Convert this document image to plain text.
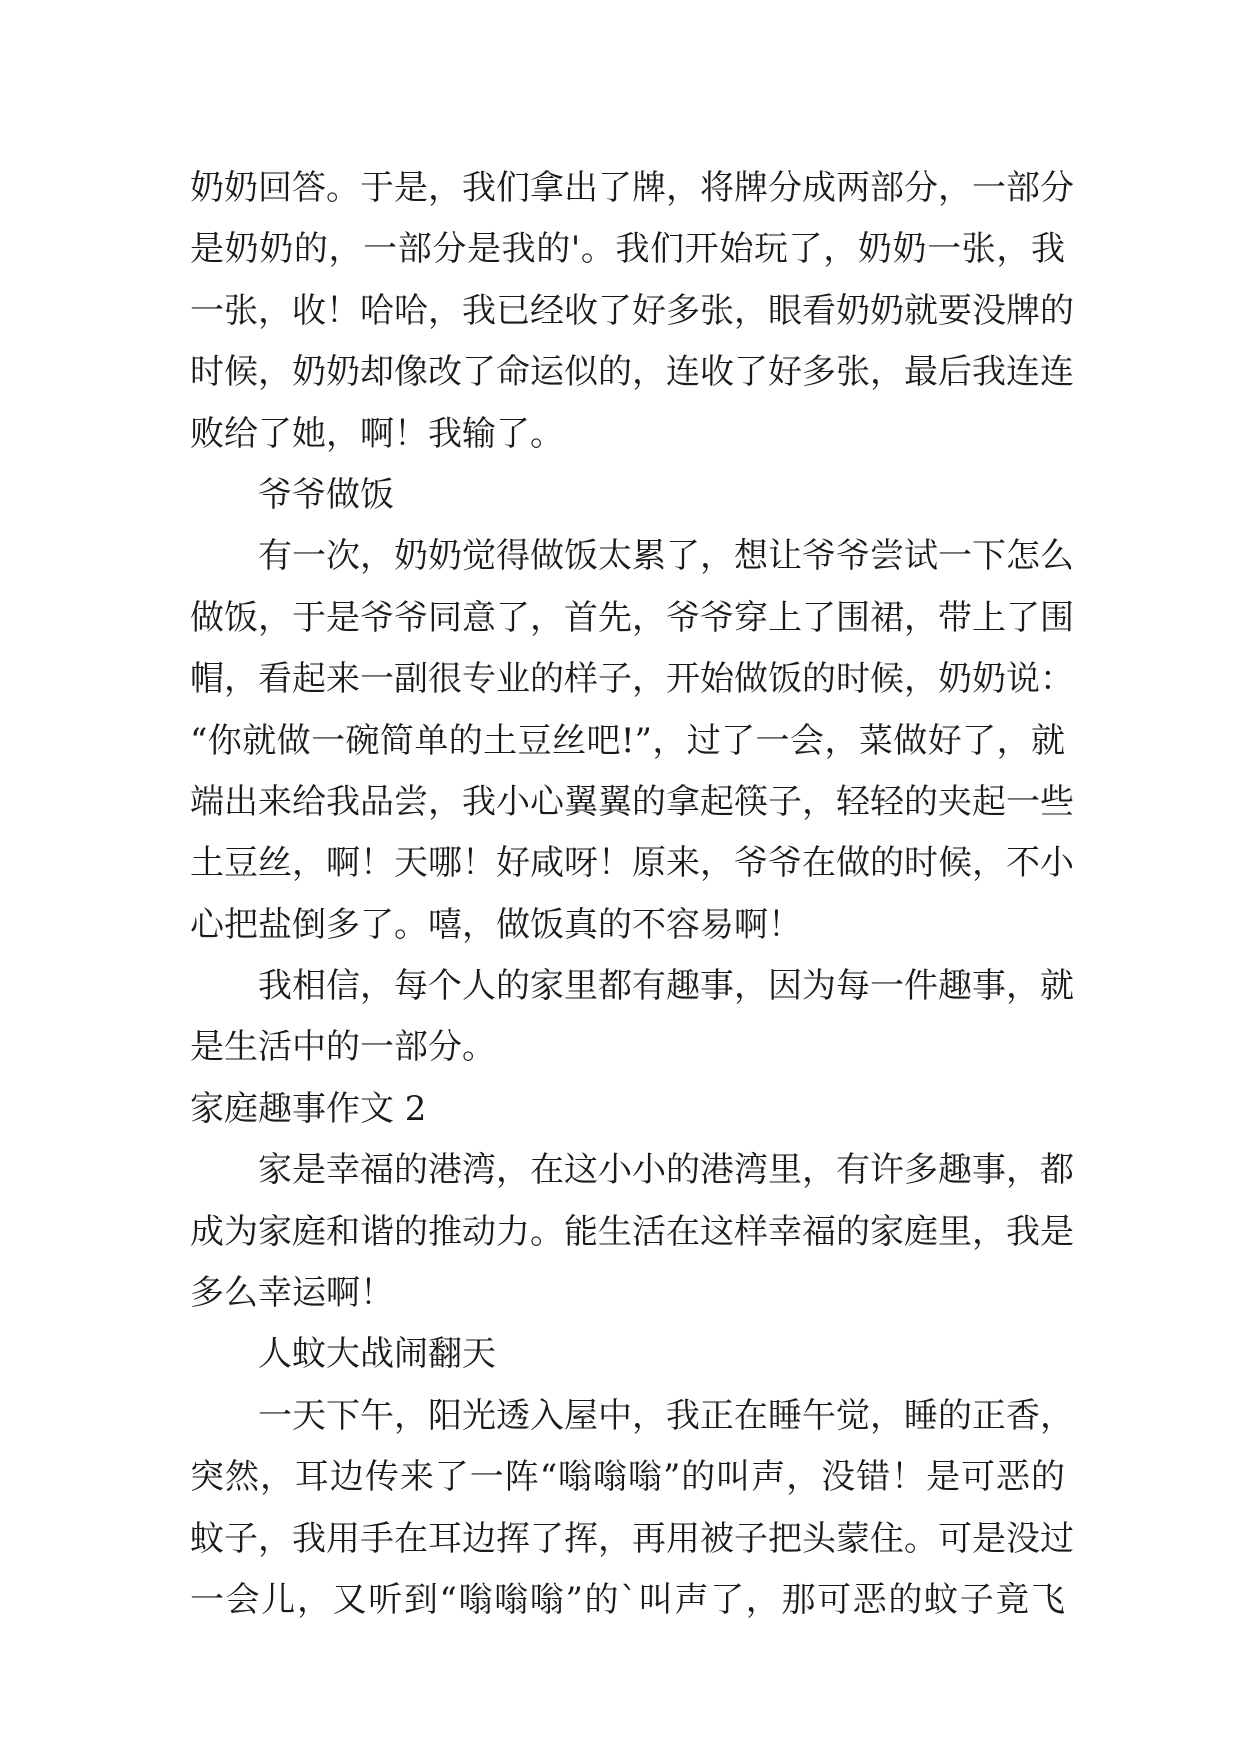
奶奶回答。于是，我们拿出了牌，将牌分成两部分，一部分
是奶奶的，一部分是我的'。我们开始玩了，奶奶一张，我
一张，收！哈哈，我已经收了好多张，眼看奶奶就要没牌的
时候，奶奶却像改了命运似的，连收了好多张，最后我连连
败给了她，啊！我输了。
爷爷做饭
有一次，奶奶觉得做饭太累了，想让爷爷尝试一下怎么
做饭，于是爷爷同意了，首先，爷爷穿上了围裙，带上了围
帽，看起来一副很专业的样子，开始做饭的时候，奶奶说：
“你就做一碗简单的土豆丝吧!”，过了一会，菜做好了，就
端出来给我品尝，我小心翼翼的拿起筷子，轻轻的夹起一些
土豆丝，啊！天哪！好咸呀！原来，爷爷在做的时候，不小
心把盐倒多了。嘻，做饭真的不容易啊！
我相信，每个人的家里都有趣事，因为每一件趣事，就
是生活中的一部分。
家庭趣事作文 2
家是幸福的港湾，在这小小的港湾里，有许多趣事，都
成为家庭和谐的推动力。能生活在这样幸福的家庭里，我是
多么幸运啊！
人蚊大战闹翻天
一天下午，阳光透入屋中，我正在睡午觉，睡的正香，
突然，耳边传来了一阵“嗡嗡嗡”的叫声，没错！是可恶的
蚊子，我用手在耳边挥了挥，再用被子把头蒙住。可是没过
一会儿，又听到“嗡嗡嗡”的`叫声了，那可恶的蚊子竟飞
